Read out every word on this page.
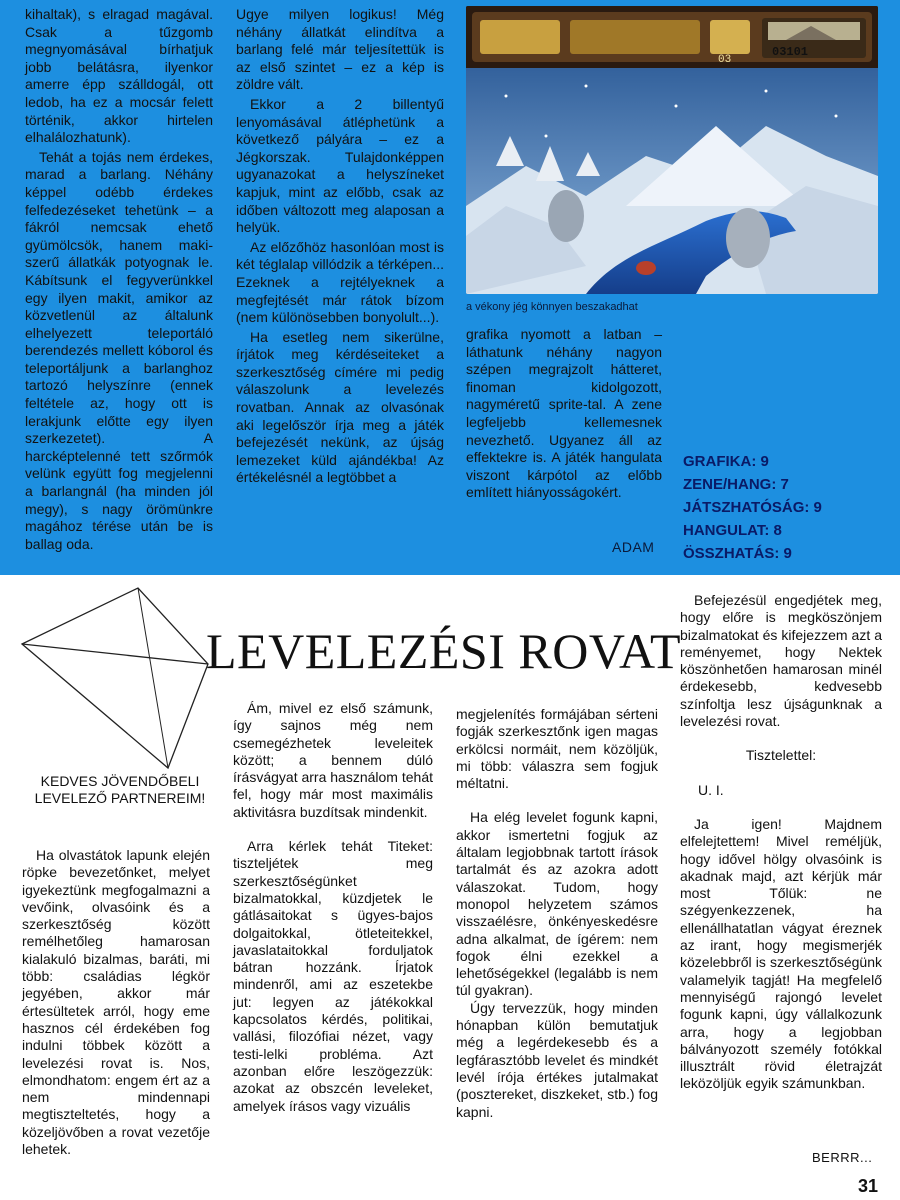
kihaltak), s elragad magával. Csak a tűzgomb megnyomásával bírhatjuk jobb belátásra, ilyenkor amerre épp szálldogál, ott ledob, ha ez a mocsár felett történik, akkor hirtelen elhalálozhatunk).

Tehát a tojás nem érdekes, marad a barlang. Néhány képpel odébb érdekes felfedezéseket tehetünk – a fákról nemcsak ehető gyümölcsök, hanem maki-szerű állatkák potyognak le. Kábítsunk el fegyverünkkel egy ilyen makit, amikor az közvetlenül az általunk elhelyezett teleportáló berendezés mellett kóborol és teleportáljunk a barlanghoz tartozó helyszínre (ennek feltétele az, hogy ott is lerakjunk előtte egy ilyen szerkezetet). A harcképtelenné tett szőrmók velünk együtt fog megjelenni a barlangnál (ha minden jól megy), s nagy örömünkre magához térése után be is ballag oda.

Ugye milyen logikus! Még néhány állatkát elindítva a barlang felé már teljesítettük is az első szintet – ez a kép is zöldre vált.

Ekkor a 2 billentyű lenyomásával átléphetünk a következő pályára – ez a Jégkorszak. Tulajdonképpen ugyanazokat a helyszíneket kapjuk, mint az előbb, csak az időben változott meg alaposan a helyük.

Az előzőhöz hasonlóan most is két téglalap villódzik a térképen... Ezeknek a rejtélyeknek a megfejtését már rátok bízom (nem különösebben bonyolult...).

Ha esetleg nem sikerülne, írjátok meg kérdéseiteket a szerkesztőség címére mi pedig válaszolunk a levelezés rovatban. Annak az olvasónak aki legelőször írja meg a játék befejezését nekünk, az újság lemezeket küld ajándékba! Az értékelésnél a legtöbbet a

03
03101
a vékony jég könnyen beszakadhat

grafika nyomott a latban – láthatunk néhány nagyon szépen megrajzolt hátteret, finoman kidolgozott, nagyméretű sprite-tal. A zene legfeljebb kellemesnek nevezhető. Ugyanez áll az effektekre is. A játék hangulata viszont kárpótol az előbb említett hiányosságokért.

GRAFIKA: 9
ZENE/HANG: 7
JÁTSZHATÓSÁG: 9
HANGULAT: 8
ÖSSZHATÁS: 9
ADAM
LEVELEZÉSI ROVAT
KEDVES JÖVENDŐBELI LEVELEZŐ PARTNEREIM!

Ha olvastátok lapunk elején röpke bevezetőnket, melyet igyekeztünk megfogalmazni a vevőink, olvasóink és a szerkesztőség között remélhetőleg hamarosan kialakuló bizalmas, baráti, mi több: családias légkör jegyében, akkor már értesültetek arról, hogy eme hasznos cél érdekében fog indulni többek között a levelezési rovat is. Nos, elmondhatom: engem ért az a nem mindennapi megtiszteltetés, hogy a közeljövőben a rovat vezetője lehetek.

Ám, mivel ez első számunk, így sajnos még nem csemegézhetek leveleitek között; a bennem dúló írásvágyat arra használom tehát fel, hogy már most maximális aktivitásra buzdítsak mindenkit.

Arra kérlek tehát Titeket: tiszteljétek meg szerkesztőségünket bizalmatokkal, küzdjetek le gátlásaitokat s ügyes-bajos dolgaitokkal, ötleteitekkel, javaslataitokkal forduljatok bátran hozzánk. Írjatok mindenről, ami az eszetekbe jut: legyen az játékokkal kapcsolatos kérdés, politikai, vallási, filozófiai nézet, vagy testi-lelki probléma. Azt azonban előre leszögezzük: azokat az obszcén leveleket, amelyek írásos vagy vizuális

megjelenítés formájában sérteni fogják szerkesztőnk igen magas erkölcsi normáit, nem közöljük, mi több: válaszra sem fogjuk méltatni.

Ha elég levelet fogunk kapni, akkor ismertetni fogjuk az általam legjobbnak tartott írások tartalmát és az azokra adott válaszokat. Tudom, hogy monopol helyzetem számos visszaélésre, önkényeskedésre adna alkalmat, de ígérem: nem fogok élni ezekkel a lehetőségekkel (legalább is nem túl gyakran).

Úgy tervezzük, hogy minden hónapban külön bemutatjuk még a legérdekesebb és a legfárasztóbb levelet és mindkét levél írója értékes jutalmakat (posztereket, diszkeket, stb.) fog kapni.

Befejezésül engedjétek meg, hogy előre is megköszönjem bizalmatokat és kifejezzem azt a reményemet, hogy Nektek köszönhetően hamarosan minél érdekesebb, kedvesebb színfoltja lesz újságunknak a levelezési rovat.

Tisztelettel:

U. I.

Ja igen! Majdnem elfelejtettem! Mivel reméljük, hogy idővel hölgy olvasóink is akadnak majd, azt kérjük már most Tőlük: ne szégyenkezzenek, ha ellenállhatatlan vágyat éreznek az irant, hogy megismerjék közelebbről is szerkesztőségünk valamelyik tagját! Ha megfelelő mennyiségű rajongó levelet fogunk kapni, úgy vállalkozunk arra, hogy a legjobban bálványozott személy fotókkal illusztrált rövid életrajzát leközöljük egyik számunkban.

BERRR...
31
